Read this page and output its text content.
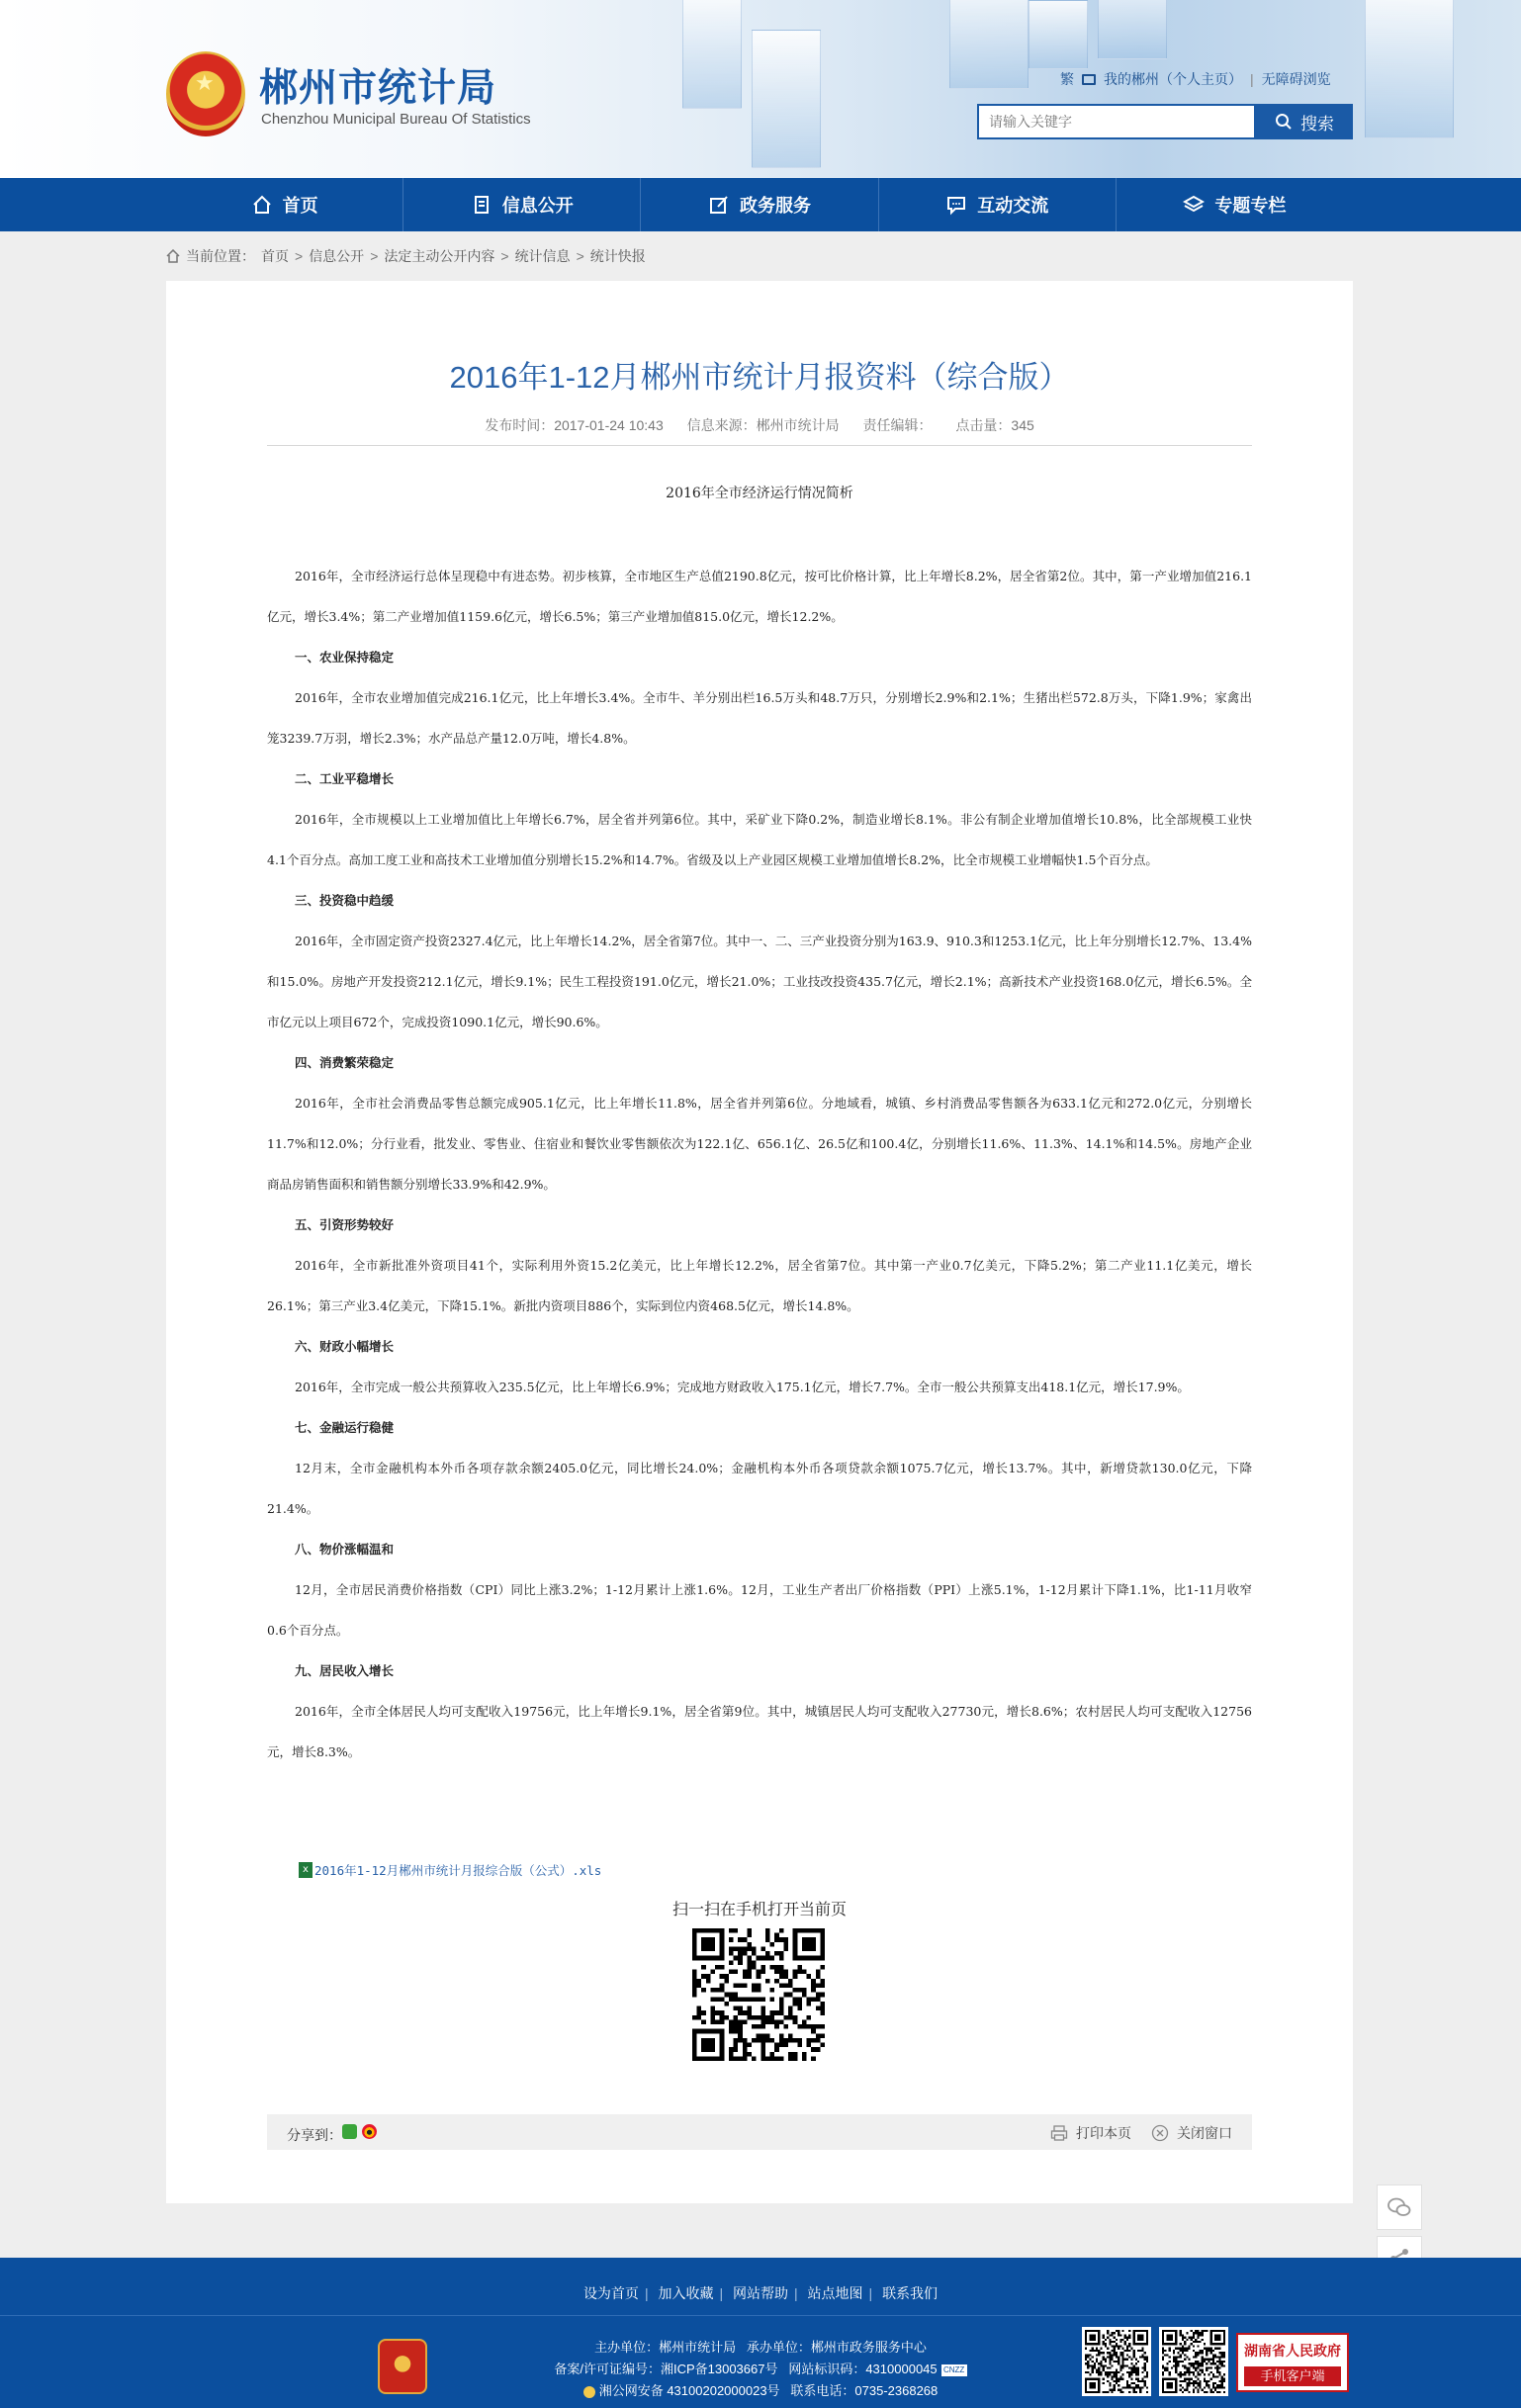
★ 郴州市统计局
Chenzhou Municipal Bureau Of Statistics
繁 我的郴州（个人主页） | 无障碍浏览
请输入关键字
搜索
首页	信息公开	政务服务	互动交流	专题专栏
当前位置： 首页 > 信息公开 > 法定主动公开内容 > 统计信息 > 统计快报
2016年1-12月郴州市统计月报资料（综合版）
发布时间：2017-01-24 10:43 信息来源：郴州市统计局 责任编辑： 点击量：345
2016年全市经济运行情况简析
2016年，全市经济运行总体呈现稳中有进态势。初步核算，全市地区生产总值2190.8亿元，按可比价格计算，比上年增长8.2%，居全省第2位。其中，第一产业增加值216.1亿元，增长3.4%；第二产业增加值1159.6亿元，增长6.5%；第三产业增加值815.0亿元，增长12.2%。
一、农业保持稳定
2016年，全市农业增加值完成216.1亿元，比上年增长3.4%。全市牛、羊分别出栏16.5万头和48.7万只，分别增长2.9%和2.1%；生猪出栏572.8万头，下降1.9%；家禽出笼3239.7万羽，增长2.3%；水产品总产量12.0万吨，增长4.8%。
二、工业平稳增长
2016年，全市规模以上工业增加值比上年增长6.7%，居全省并列第6位。其中，采矿业下降0.2%，制造业增长8.1%。非公有制企业增加值增长10.8%，比全部规模工业快4.1个百分点。高加工度工业和高技术工业增加值分别增长15.2%和14.7%。省级及以上产业园区规模工业增加值增长8.2%，比全市规模工业增幅快1.5个百分点。
三、投资稳中趋缓
2016年，全市固定资产投资2327.4亿元，比上年增长14.2%，居全省第7位。其中一、二、三产业投资分别为163.9、910.3和1253.1亿元，比上年分别增长12.7%、13.4%和15.0%。房地产开发投资212.1亿元，增长9.1%；民生工程投资191.0亿元，增长21.0%；工业技改投资435.7亿元，增长2.1%；高新技术产业投资168.0亿元，增长6.5%。全市亿元以上项目672个，完成投资1090.1亿元，增长90.6%。
四、消费繁荣稳定
2016年，全市社会消费品零售总额完成905.1亿元，比上年增长11.8%，居全省并列第6位。分地域看，城镇、乡村消费品零售额各为633.1亿元和272.0亿元，分别增长11.7%和12.0%；分行业看，批发业、零售业、住宿业和餐饮业零售额依次为122.1亿、656.1亿、26.5亿和100.4亿，分别增长11.6%、11.3%、14.1%和14.5%。房地产企业商品房销售面积和销售额分别增长33.9%和42.9%。
五、引资形势较好
2016年，全市新批准外资项目41个，实际利用外资15.2亿美元，比上年增长12.2%，居全省第7位。其中第一产业0.7亿美元，下降5.2%；第二产业11.1亿美元，增长26.1%；第三产业3.4亿美元，下降15.1%。新批内资项目886个，实际到位内资468.5亿元，增长14.8%。
六、财政小幅增长
2016年，全市完成一般公共预算收入235.5亿元，比上年增长6.9%；完成地方财政收入175.1亿元，增长7.7%。全市一般公共预算支出418.1亿元，增长17.9%。
七、金融运行稳健
12月末，全市金融机构本外币各项存款余额2405.0亿元，同比增长24.0%；金融机构本外币各项贷款余额1075.7亿元，增长13.7%。其中，新增贷款130.0亿元，下降21.4%。
八、物价涨幅温和
12月，全市居民消费价格指数（CPI）同比上涨3.2%；1-12月累计上涨1.6%。12月，工业生产者出厂价格指数（PPI）上涨5.1%，1-12月累计下降1.1%，比1-11月收窄0.6个百分点。
九、居民收入增长
2016年，全市全体居民人均可支配收入19756元，比上年增长9.1%，居全省第9位。其中，城镇居民人均可支配收入27730元，增长8.6%；农村居民人均可支配收入12756元，增长8.3%。
x 2016年1-12月郴州市统计月报综合版（公式）.xls
扫一扫在手机打开当前页
分享到：	打印本页	关闭窗口
设为首页 | 加入收藏 | 网站帮助 | 站点地图 | 联系我们
主办单位：郴州市统计局 承办单位：郴州市政务服务中心
备案/许可证编号：湘ICP备13003667号 网站标识码：4310000045 CNZZ
湘公网安备 43100202000023号 联系电话：0735-2368268
湖南省人民政府
手机客户端
